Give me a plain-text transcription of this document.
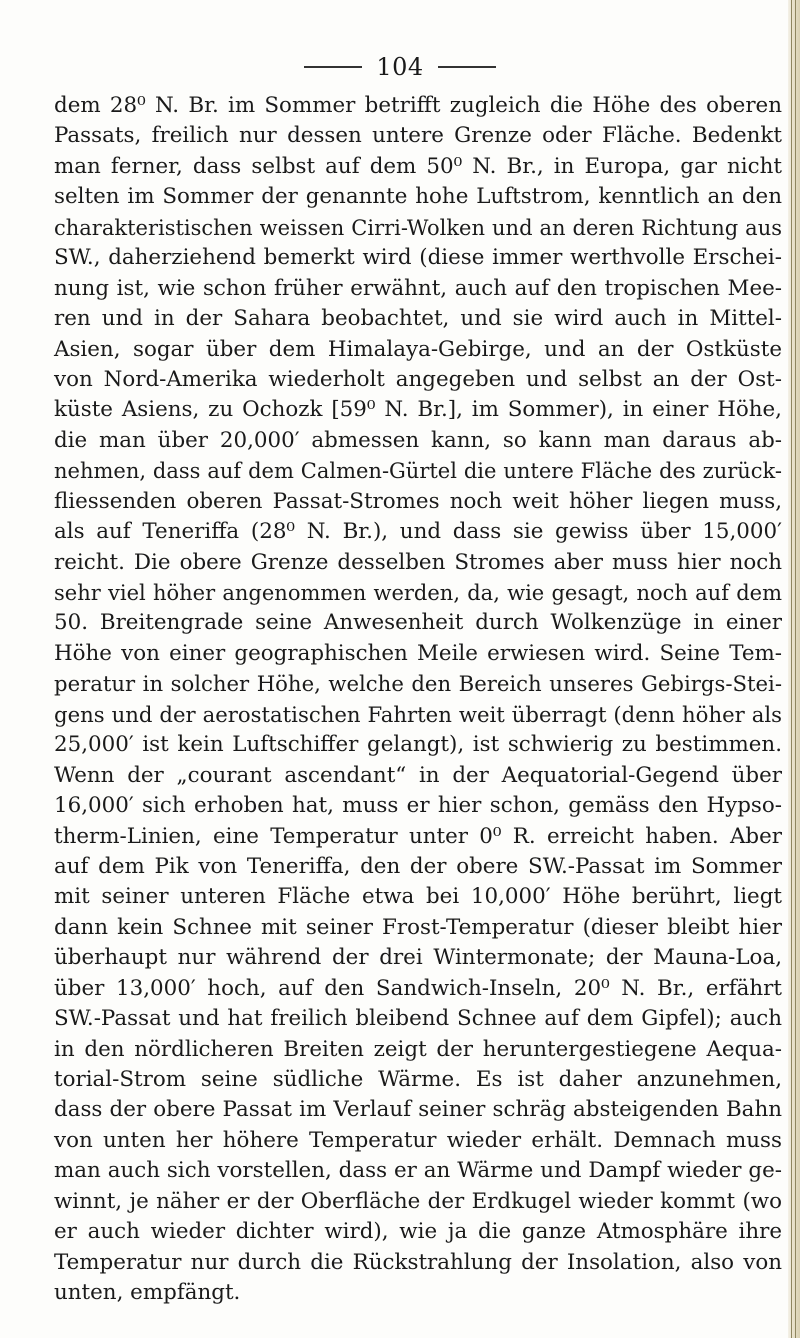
104
dem 28⁰ N. Br. im Sommer betrifft zugleich die Höhe des oberen
Passats, freilich nur dessen untere Grenze oder Fläche. Bedenkt
man ferner, dass selbst auf dem 50⁰ N. Br., in Europa, gar nicht
selten im Sommer der genannte hohe Luftstrom, kenntlich an den
charakteristischen weissen Cirri-Wolken und an deren Richtung aus
SW., daherziehend bemerkt wird (diese immer werthvolle Erschei-
nung ist, wie schon früher erwähnt, auch auf den tropischen Mee-
ren und in der Sahara beobachtet, und sie wird auch in Mittel-
Asien, sogar über dem Himalaya-Gebirge, und an der Ostküste
von Nord-Amerika wiederholt angegeben und selbst an der Ost-
küste Asiens, zu Ochozk [59⁰ N. Br.], im Sommer), in einer Höhe,
die man über 20,000′ abmessen kann, so kann man daraus ab-
nehmen, dass auf dem Calmen-Gürtel die untere Fläche des zurück-
fliessenden oberen Passat-Stromes noch weit höher liegen muss,
als auf Teneriffa (28⁰ N. Br.), und dass sie gewiss über 15,000′
reicht. Die obere Grenze desselben Stromes aber muss hier noch
sehr viel höher angenommen werden, da, wie gesagt, noch auf dem
50. Breitengrade seine Anwesenheit durch Wolkenzüge in einer
Höhe von einer geographischen Meile erwiesen wird. Seine Tem-
peratur in solcher Höhe, welche den Bereich unseres Gebirgs-Stei-
gens und der aerostatischen Fahrten weit überragt (denn höher als
25,000′ ist kein Luftschiffer gelangt), ist schwierig zu bestimmen.
Wenn der „courant ascendant“ in der Aequatorial-Gegend über
16,000′ sich erhoben hat, muss er hier schon, gemäss den Hypso-
therm-Linien, eine Temperatur unter 0⁰ R. erreicht haben. Aber
auf dem Pik von Teneriffa, den der obere SW.-Passat im Sommer
mit seiner unteren Fläche etwa bei 10,000′ Höhe berührt, liegt
dann kein Schnee mit seiner Frost-Temperatur (dieser bleibt hier
überhaupt nur während der drei Wintermonate; der Mauna-Loa,
über 13,000′ hoch, auf den Sandwich-Inseln, 20⁰ N. Br., erfährt
SW.-Passat und hat freilich bleibend Schnee auf dem Gipfel); auch
in den nördlicheren Breiten zeigt der heruntergestiegene Aequa-
torial-Strom seine südliche Wärme. Es ist daher anzunehmen,
dass der obere Passat im Verlauf seiner schräg absteigenden Bahn
von unten her höhere Temperatur wieder erhält. Demnach muss
man auch sich vorstellen, dass er an Wärme und Dampf wieder ge-
winnt, je näher er der Oberfläche der Erdkugel wieder kommt (wo
er auch wieder dichter wird), wie ja die ganze Atmosphäre ihre
Temperatur nur durch die Rückstrahlung der Insolation, also von
unten, empfängt.
